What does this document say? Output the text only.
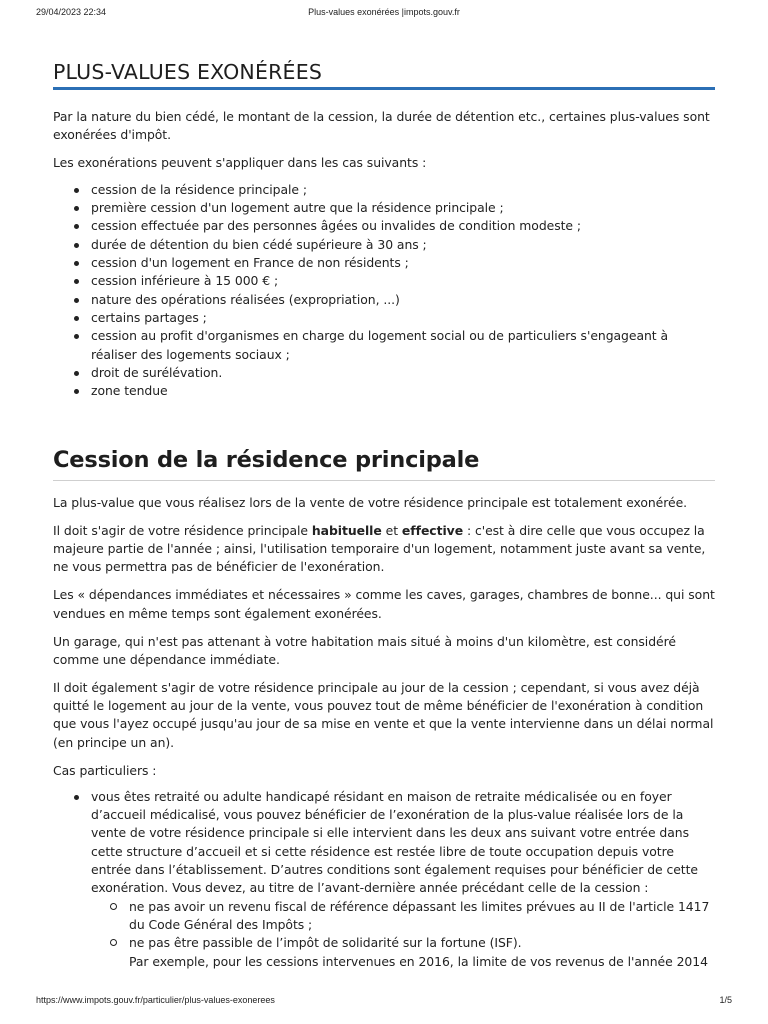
29/04/2023 22:34	Plus-values exonérées |impots.gouv.fr
PLUS-VALUES EXONÉRÉES

Par la nature du bien cédé, le montant de la cession, la durée de détention etc., certaines plus-values sont exonérées d'impôt.

Les exonérations peuvent s'appliquer dans les cas suivants :

cession de la résidence principale ;
première cession d'un logement autre que la résidence principale ;
cession effectuée par des personnes âgées ou invalides de condition modeste ;
durée de détention du bien cédé supérieure à 30 ans ;
cession d'un logement en France de non résidents ;
cession inférieure à 15 000 € ;
nature des opérations réalisées (expropriation, ...)
certains partages ;
cession au profit d'organismes en charge du logement social ou de particuliers s'engageant à réaliser des logements sociaux ;
droit de surélévation.
zone tendue
Cession de la résidence principale

La plus-value que vous réalisez lors de la vente de votre résidence principale est totalement exonérée.

Il doit s'agir de votre résidence principale habituelle et effective : c'est à dire celle que vous occupez la majeure partie de l'année ; ainsi, l'utilisation temporaire d'un logement, notamment juste avant sa vente, ne vous permettra pas de bénéficier de l'exonération.

Les « dépendances immédiates et nécessaires » comme les caves, garages, chambres de bonne... qui sont vendues en même temps sont également exonérées.

Un garage, qui n'est pas attenant à votre habitation mais situé à moins d'un kilomètre, est considéré comme une dépendance immédiate.

Il doit également s'agir de votre résidence principale au jour de la cession ; cependant, si vous avez déjà quitté le logement au jour de la vente, vous pouvez tout de même bénéficier de l'exonération à condition que vous l'ayez occupé jusqu'au jour de sa mise en vente et que la vente intervienne dans un délai normal (en principe un an).

Cas particuliers :

vous êtes retraité ou adulte handicapé résidant en maison de retraite médicalisée ou en foyer d’accueil médicalisé, vous pouvez bénéficier de l’exonération de la plus-value réalisée lors de la vente de votre résidence principale si elle intervient dans les deux ans suivant votre entrée dans cette structure d’accueil et si cette résidence est restée libre de toute occupation depuis votre entrée dans l’établissement. D’autres conditions sont également requises pour bénéficier de cette exonération. Vous devez, au titre de l’avant-dernière année précédant celle de la cession :
ne pas avoir un revenu fiscal de référence dépassant les limites prévues au II de l'article 1417 du Code Général des Impôts ;
ne pas être passible de l’impôt de solidarité sur la fortune (ISF).
Par exemple, pour les cessions intervenues en 2016, la limite de vos revenus de l'année 2014
https://www.impots.gouv.fr/particulier/plus-values-exonerees	1/5
